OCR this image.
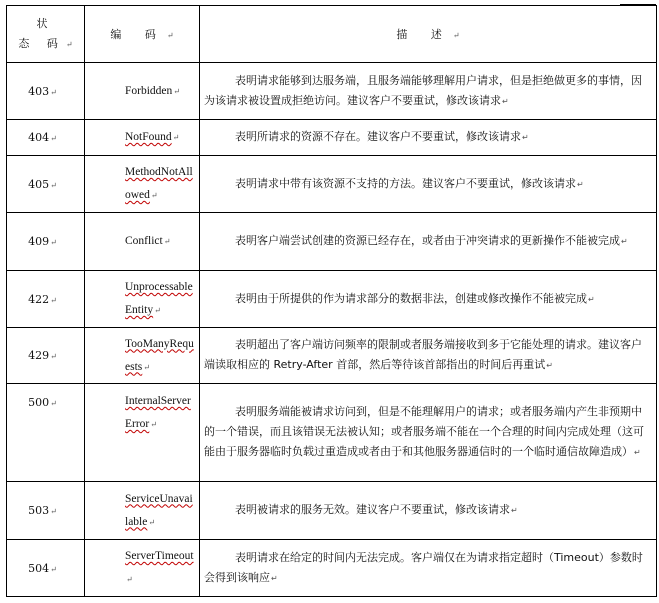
状
态 码↵	编 码↵	描 述↵
403↵	Forbidden↵	表明请求能够到达服务端，且服务端能够理解用户请求，但是拒绝做更多的事情，因为该请求被设置成拒绝访问。建议客户不要重试，修改该请求↵
404↵	NotFound↵	表明所请求的资源不存在。建议客户不要重试，修改该请求↵
405↵	MethodNotAllowed↵	表明请求中带有该资源不支持的方法。建议客户不要重试，修改该请求↵
409↵	Conflict↵	表明客户端尝试创建的资源已经存在，或者由于冲突请求的更新操作不能被完成↵
422↵	UnprocessableEntity↵	表明由于所提供的作为请求部分的数据非法，创建或修改操作不能被完成↵
429↵	TooManyRequests↵	表明超出了客户端访问频率的限制或者服务端接收到多于它能处理的请求。建议客户端读取相应的 Retry-After 首部，然后等待该首部指出的时间后再重试↵
500↵	InternalServerError↵	表明服务端能被请求访问到，但是不能理解用户的请求；或者服务端内产生非预期中的一个错误，而且该错误无法被认知；或者服务端不能在一个合理的时间内完成处理（这可能由于服务器临时负载过重造成或者由于和其他服务器通信时的一个临时通信故障造成）↵
503↵	ServiceUnavailable↵	表明被请求的服务无效。建议客户不要重试，修改该请求↵
504↵	ServerTimeout↵	表明请求在给定的时间内无法完成。客户端仅在为请求指定超时（Timeout）参数时会得到该响应↵
